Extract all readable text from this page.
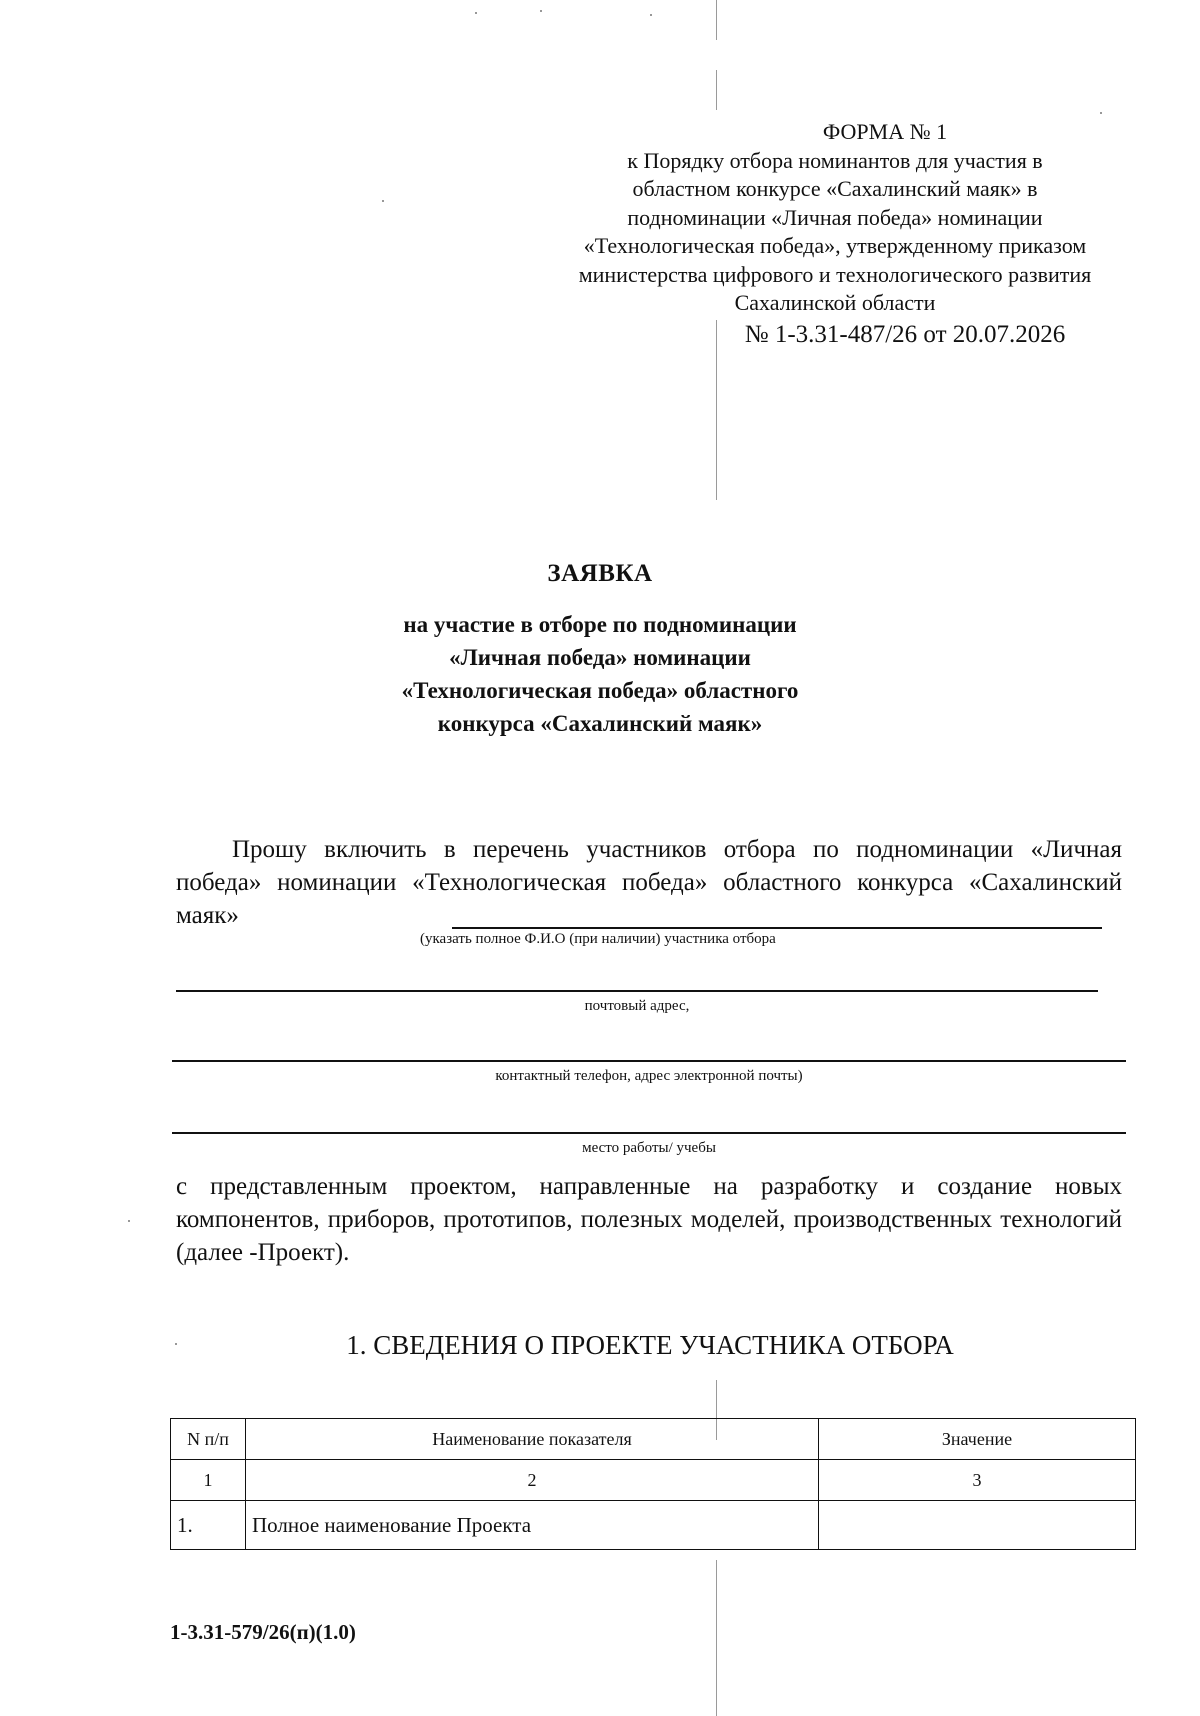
ФОРМА № 1
к Порядку отбора номинантов для участия в
областном конкурсе «Сахалинский маяк» в
подноминации «Личная победа» номинации
«Технологическая победа», утвержденному приказом
министерства цифрового и технологического развития
Сахалинской области
№ 1-3.31-487/26 от 20.07.2026
ЗАЯВКА
на участие в отборе по подноминации
«Личная победа» номинации
«Технологическая победа» областного
конкурса «Сахалинский маяк»
Прошу включить в перечень участников отбора по подноминации «Личная победа» номинации «Технологическая победа» областного конкурса «Сахалинский маяк»
(указать полное Ф.И.О (при наличии) участника отбора
почтовый адрес,
контактный телефон, адрес электронной почты)
место работы/ учебы
с представленным проектом, направленные на разработку и создание новых компонентов, приборов, прототипов, полезных моделей, производственных технологий (далее -Проект).
1. СВЕДЕНИЯ О ПРОЕКТЕ УЧАСТНИКА ОТБОРА
N п/п	Наименование показателя	Значение
1	2	3
1.	Полное наименование Проекта	
1-3.31-579/26(п)(1.0)
